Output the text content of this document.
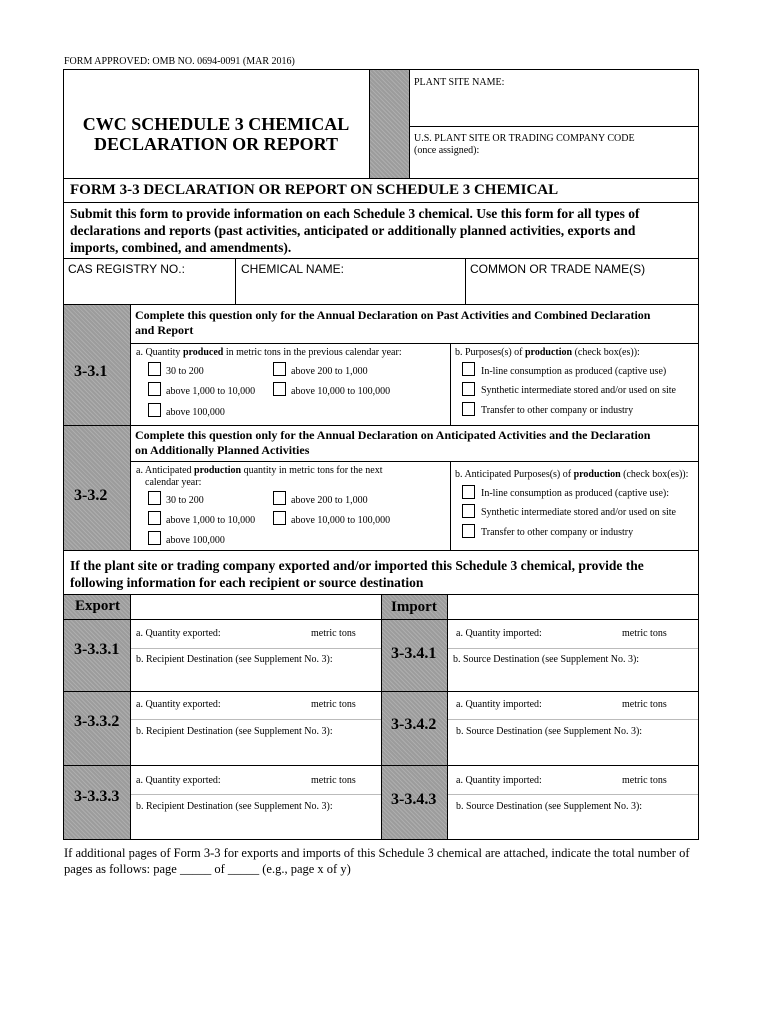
FORM APPROVED: OMB NO. 0694-0091 (MAR 2016)
CWC SCHEDULE 3 CHEMICAL
DECLARATION OR REPORT
PLANT SITE NAME:
U.S. PLANT SITE OR TRADING COMPANY CODE
(once assigned):
FORM 3-3 DECLARATION OR REPORT ON SCHEDULE 3 CHEMICAL
Submit this form to provide information on each Schedule 3 chemical. Use this form for all types of
declarations and reports (past activities, anticipated or additionally planned activities, exports and
imports, combined, and amendments).
CAS REGISTRY NO.:	CHEMICAL NAME:	COMMON OR TRADE NAME(S)
3-3.1
Complete this question only for the Annual Declaration on Past Activities and Combined Declaration
and Report
a. Quantity produced in metric tons in the previous calendar year:	b. Purposes(s) of production (check box(es)):
30 to 200	above 200 to 1,000
above 1,000 to 10,000	above 10,000 to 100,000
above 100,000
In-line consumption as produced (captive use)
Synthetic intermediate stored and/or used on site
Transfer to other company or industry
3-3.2
Complete this question only for the Annual Declaration on Anticipated Activities and the Declaration
on Additionally Planned Activities
a. Anticipated production quantity in metric tons for the next
calendar year:
b. Anticipated Purposes(s) of production (check box(es)):
30 to 200	above 200 to 1,000
above 1,000 to 10,000	above 10,000 to 100,000
above 100,000
In-line consumption as produced (captive use):
Synthetic intermediate stored and/or used on site
Transfer to other company or industry
If the plant site or trading company exported and/or imported this Schedule 3 chemical, provide the
following information for each recipient or source destination
Export	Import
3-3.3.1	3-3.4.1
a. Quantity exported:	metric tons
b. Recipient Destination (see Supplement No. 3):
a. Quantity imported:	metric tons
b. Source Destination (see Supplement No. 3):
3-3.3.2	3-3.4.2
a. Quantity exported:	metric tons
b. Recipient Destination (see Supplement No. 3):
a. Quantity imported:	metric tons
b. Source Destination (see Supplement No. 3):
3-3.3.3	3-3.4.3
a. Quantity exported:	metric tons
b. Recipient Destination (see Supplement No. 3):
a. Quantity imported:	metric tons
b. Source Destination (see Supplement No. 3):
If additional pages of Form 3-3 for exports and imports of this Schedule 3 chemical are attached, indicate the total number of
pages as follows: page _____ of _____ (e.g., page x of y)
